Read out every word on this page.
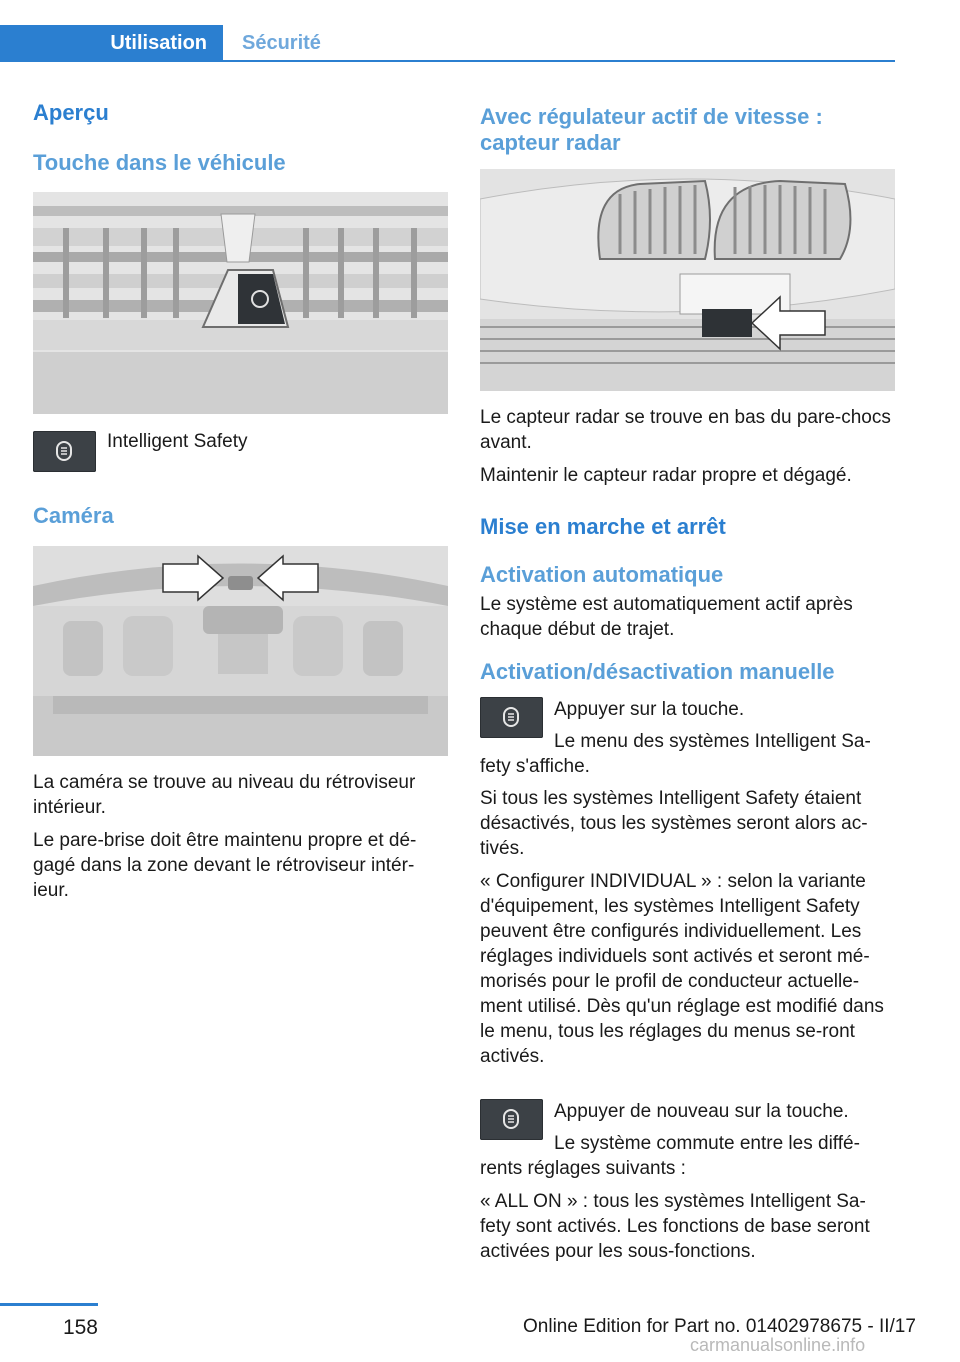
Utilisation	Sécurité
Aperçu
Touche dans le véhicule

Intelligent Safety

Caméra

La caméra se trouve au niveau du rétroviseur intérieur.

Le pare-brise doit être maintenu propre et dé‐gagé dans la zone devant le rétroviseur intér‐ieur.

Avec régulateur actif de vitesse : capteur radar

Le capteur radar se trouve en bas du pare-chocs avant.

Maintenir le capteur radar propre et dégagé.

Mise en marche et arrêt
Activation automatique

Le système est automatiquement actif après chaque début de trajet.

Activation/désactivation manuelle

Appuyer sur la touche.

Le menu des systèmes Intelligent Sa‐fety s'affiche.

Si tous les systèmes Intelligent Safety étaient désactivés, tous les systèmes seront alors ac‐tivés.

« Configurer INDIVIDUAL » : selon la variante d'équipement, les systèmes Intelligent Safety peuvent être configurés individuellement. Les réglages individuels sont activés et seront mé‐morisés pour le profil de conducteur actuelle‐ment utilisé. Dès qu'un réglage est modifié dans le menu, tous les réglages du menus se‐ront activés.

Appuyer de nouveau sur la touche.

Le système commute entre les diffé‐rents réglages suivants :

« ALL ON » : tous les systèmes Intelligent Sa‐fety sont activés. Les fonctions de base seront activées pour les sous-fonctions.

158	Online Edition for Part no. 01402978675 - II/17
carmanualsonline.info
